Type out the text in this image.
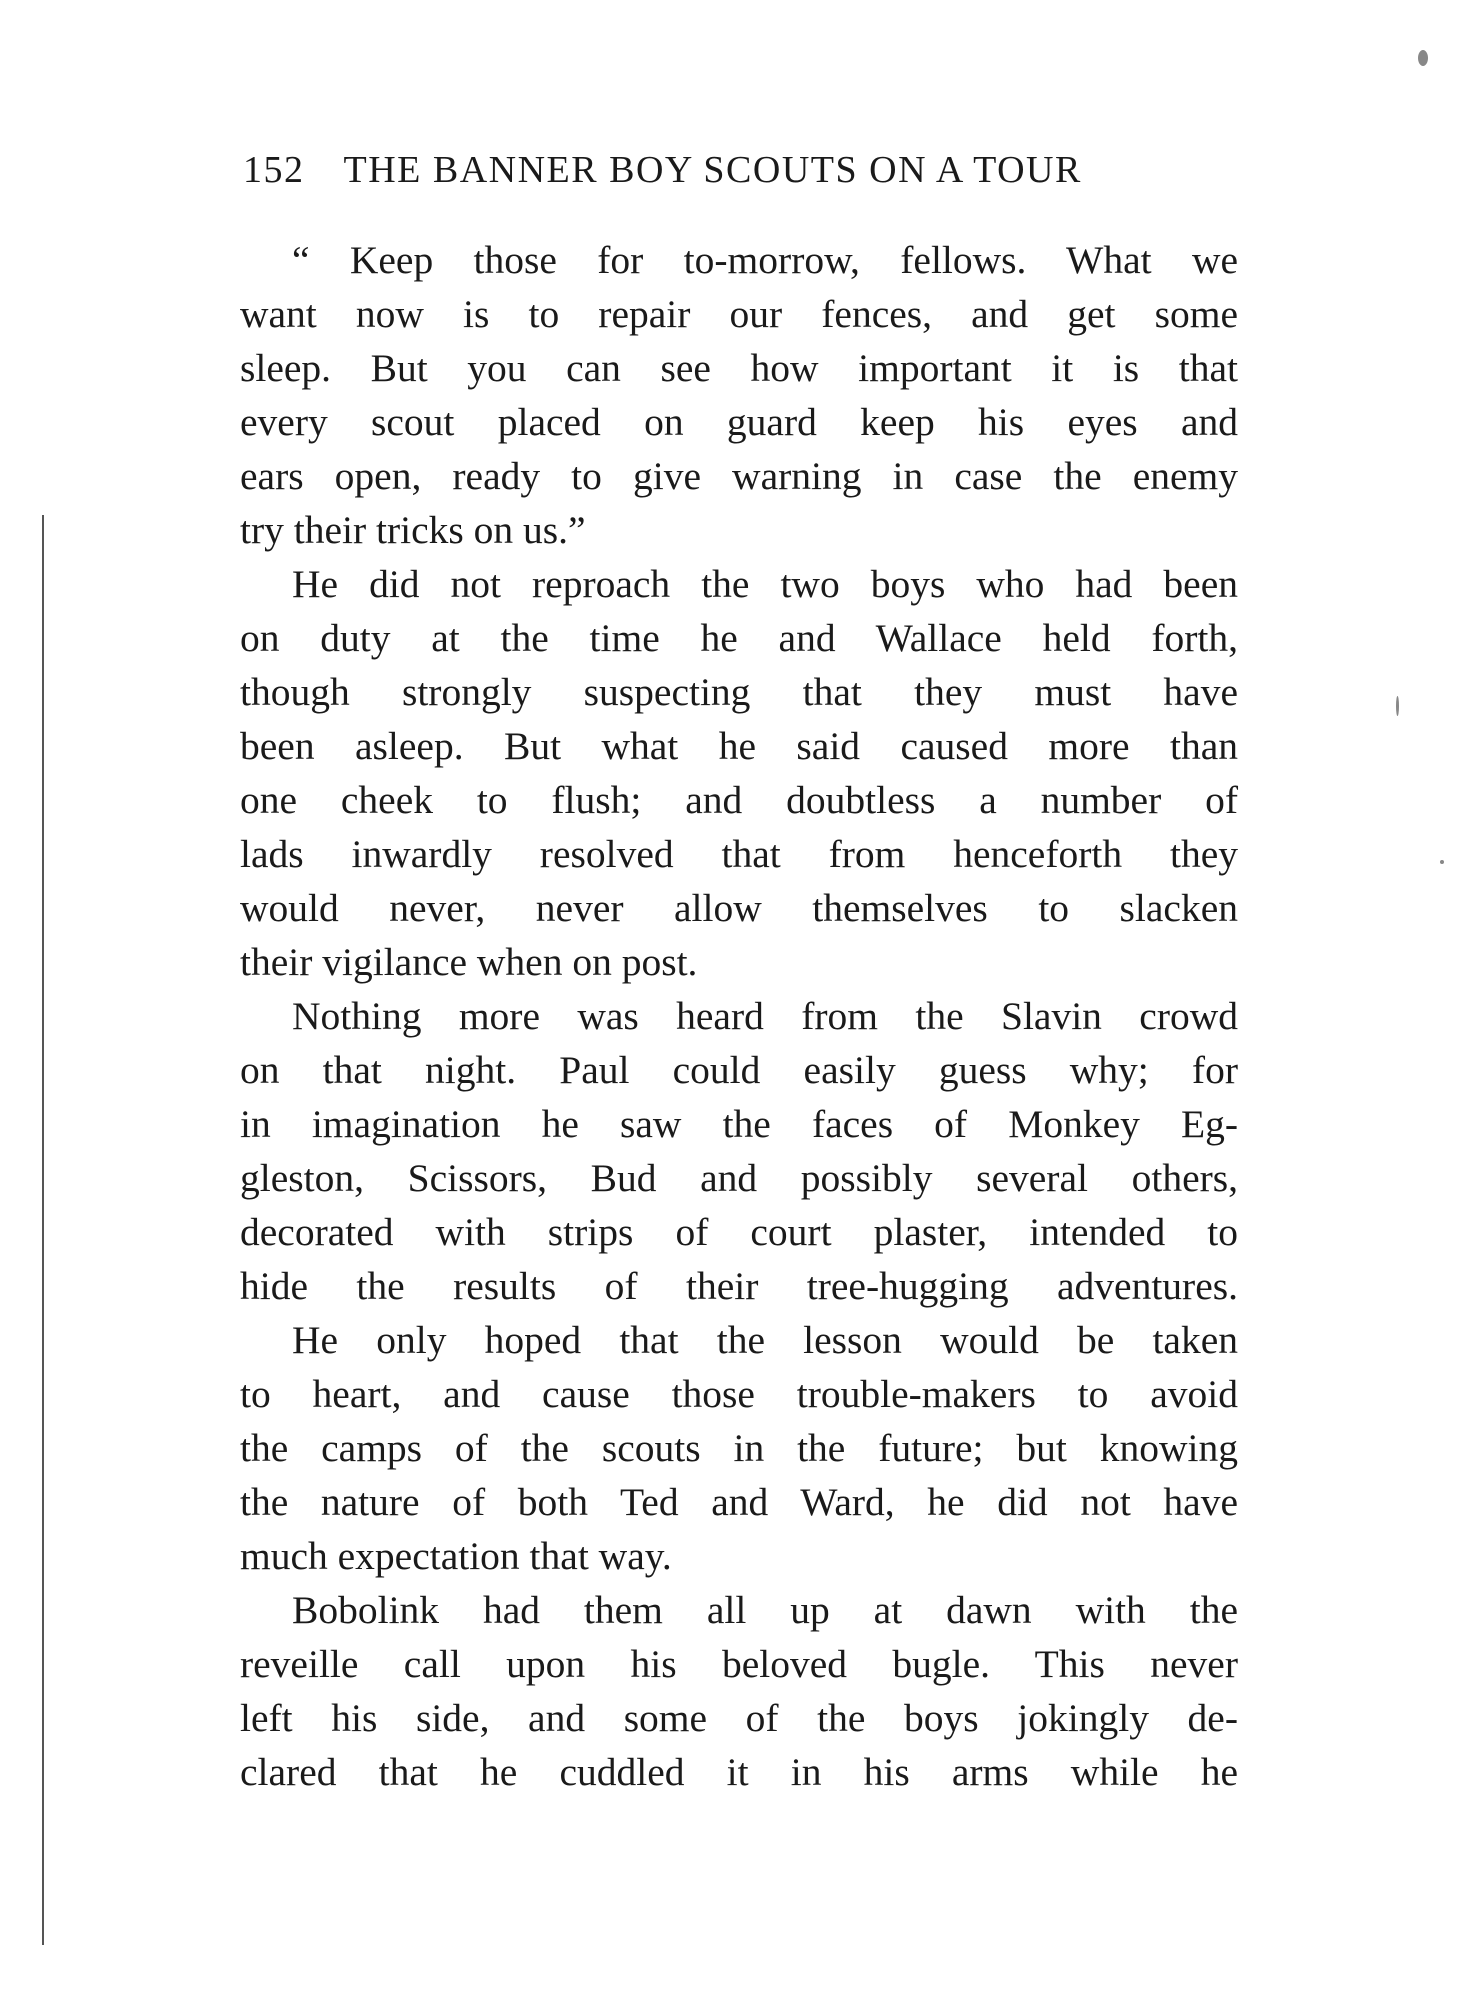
152 THE BANNER BOY SCOUTS ON A TOUR
“ Keep those for to-morrow, fellows. What we
want now is to repair our fences, and get some
sleep. But you can see how important it is that
every scout placed on guard keep his eyes and
ears open, ready to give warning in case the enemy
try their tricks on us.”
He did not reproach the two boys who had been
on duty at the time he and Wallace held forth,
though strongly suspecting that they must have
been asleep. But what he said caused more than
one cheek to flush; and doubtless a number of
lads inwardly resolved that from henceforth they
would never, never allow themselves to slacken
their vigilance when on post.
Nothing more was heard from the Slavin crowd
on that night. Paul could easily guess why; for
in imagination he saw the faces of Monkey Eg-
gleston, Scissors, Bud and possibly several others,
decorated with strips of court plaster, intended to
hide the results of their tree-hugging adventures.
He only hoped that the lesson would be taken
to heart, and cause those trouble-makers to avoid
the camps of the scouts in the future; but knowing
the nature of both Ted and Ward, he did not have
much expectation that way.
Bobolink had them all up at dawn with the
reveille call upon his beloved bugle. This never
left his side, and some of the boys jokingly de-
clared that he cuddled it in his arms while he
